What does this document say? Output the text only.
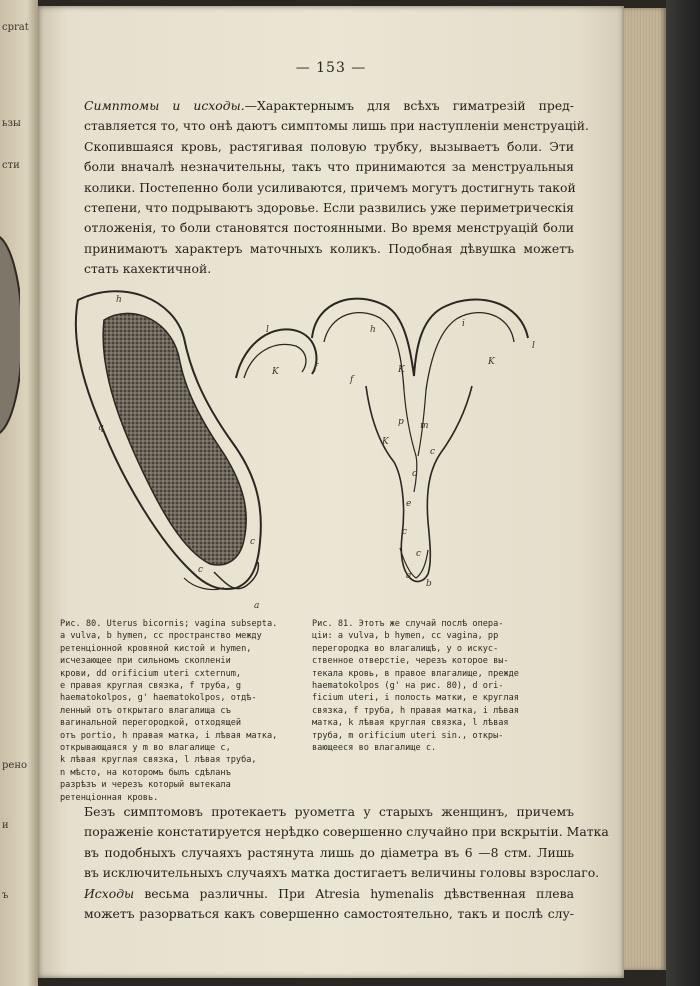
cprat
ьзы
сти
рено
и
ъ
— 153 —
Симптомы и исходы.—Характернымъ для всѣхъ гиматрезій пред-
ставляется то, что онѣ даютъ симптомы лишь при наступленіи менструацій.
Скопившаяся кровь, растягивая половую трубку, вызываетъ боли. Эти
боли вначалѣ незначительны, такъ что принимаются за менструальныя
колики. Постепенно боли усиливаются, причемъ могутъ достигнуть такой
степени, что подрываютъ здоровье. Если развились уже периметрическія
отложенія, то боли становятся постоянными. Во время менструацій боли
принимаютъ характеръ маточныхъ коликъ. Подобная дѣвушка можетъ
стать кахектичной.
h
l
K
q
c
c
a
h
i
f
f
K
K
l
p m
K
c
o
e
c
c
a
b
Рис. 80. Uterus bicornis; vagina subsepta.
a vulva, b hymen, cc пространство между
ретенціонной кровяной кистой и hymen,
исчезающее при сильномъ скопленіи
крови, dd orificium uteri cxternum,
e правая круглая связка, f труба, g
haematokolpos, g' haematokolpos, отдѣ-
ленный отъ открытаго влагалища съ
вагинальной перегородкой, отходящей
отъ portio, h правая матка, i лѣвая матка,
открывающаяся у m во влагалище с,
k лѣвая круглая связка, l лѣвая труба,
n мѣсто, на которомъ былъ сдѣланъ
разрѣзъ и черезъ который вытекала
ретенціонная кровь.
Рис. 81. Этотъ же случай послѣ опера-
ціи: a vulva, b hymen, cc vagina, pp
перегородка во влагалищѣ, у o искус-
ственное отверстіе, черезъ которое вы-
текала кровь, в правое влагалище, прежде
haematokolpos (g' на рис. 80), d ori-
ficium uteri, i полость матки, e круглая
связка, f труба, h правая матка, i лѣвая
матка, k лѣвая круглая связка, l лѣвая
труба, m orificium uteri sin., откры-
вающееся во влагалище c.
Безъ симптомовъ протекаетъ руометга у старыхъ женщинъ, причемъ
пораженіе констатируется нерѣдко совершенно случайно при вскрытіи. Матка
въ подобныхъ случаяхъ растянута лишь до діаметра въ 6 —8 стм. Лишь
въ исключительныхъ случаяхъ матка достигаетъ величины головы взрослаго.
Исходы весьма различны. При Atresia hymenalis дѣвственная плева
можетъ разорваться какъ совершенно самостоятельно, такъ и послѣ слу-
